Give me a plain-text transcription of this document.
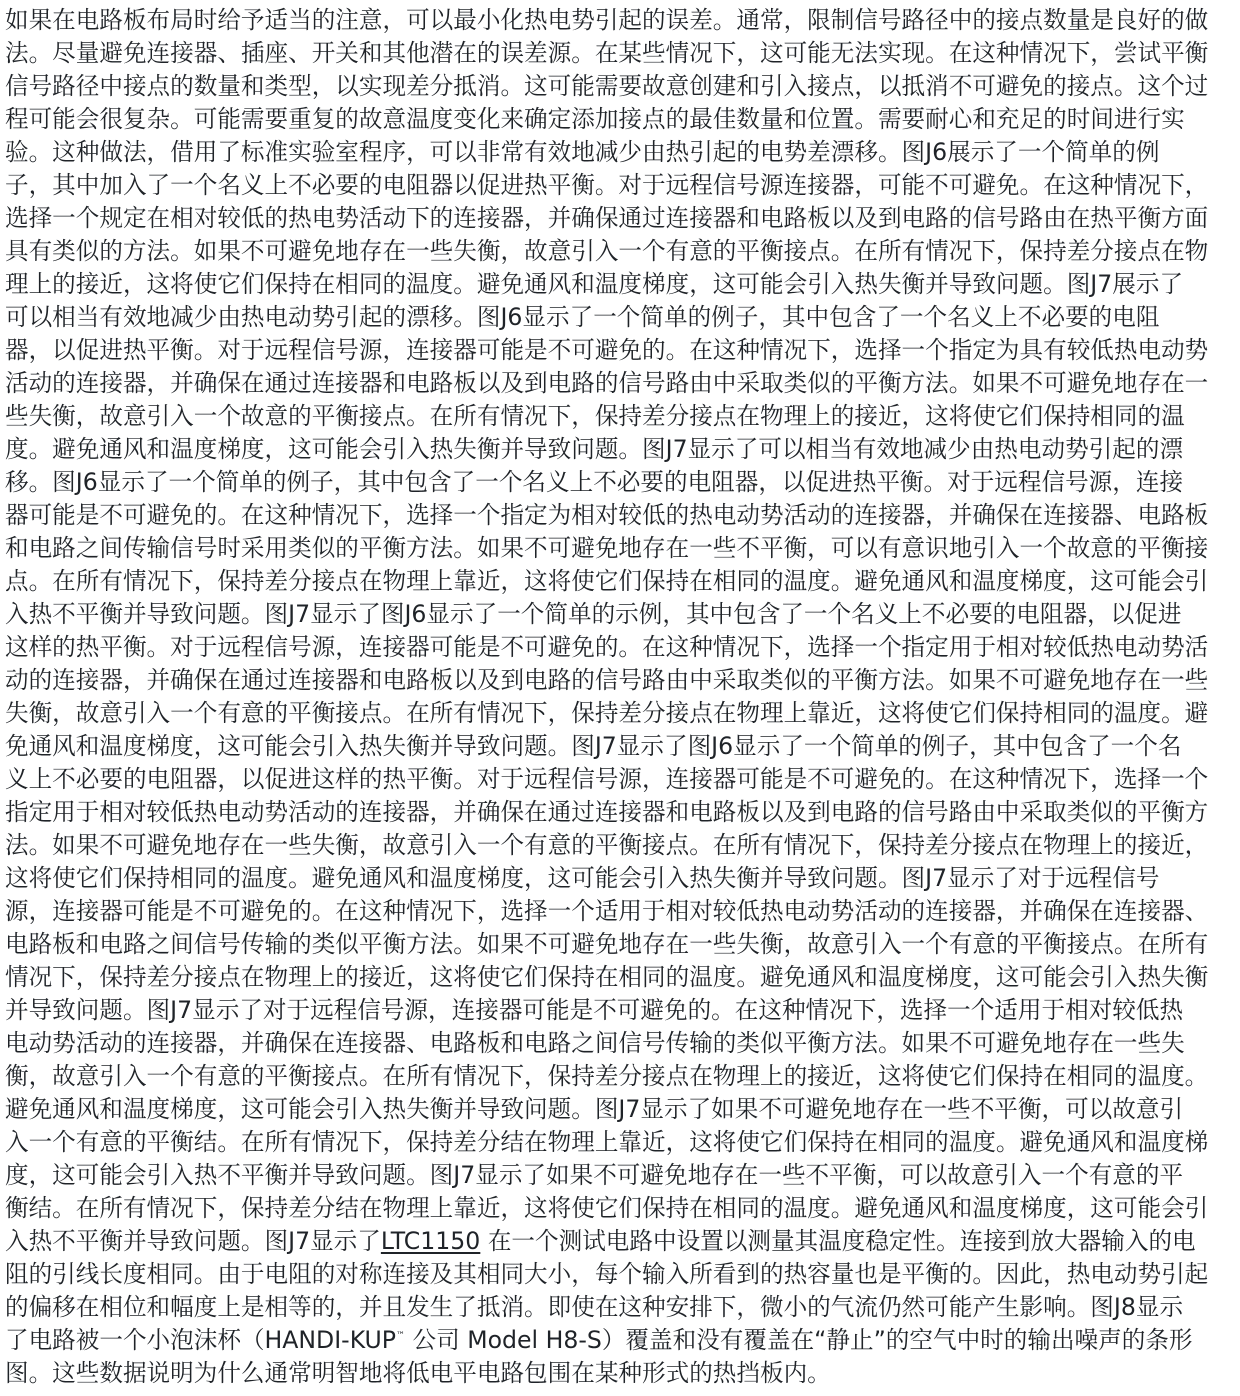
如果在电路板布局时给予适当的注意，可以最小化热电势引起的误差。通常，限制信号路径中的接点数量是良好的做
法。尽量避免连接器、插座、开关和其他潜在的误差源。在某些情况下，这可能无法实现。在这种情况下，尝试平衡
信号路径中接点的数量和类型，以实现差分抵消。这可能需要故意创建和引入接点，以抵消不可避免的接点。这个过
程可能会很复杂。可能需要重复的故意温度变化来确定添加接点的最佳数量和位置。需要耐心和充足的时间进行实
验。这种做法，借用了标准实验室程序，可以非常有效地减少由热引起的电势差漂移。图J6展示了一个简单的例
子，其中加入了一个名义上不必要的电阻器以促进热平衡。对于远程信号源连接器，可能不可避免。在这种情况下，
选择一个规定在相对较低的热电势活动下的连接器，并确保通过连接器和电路板以及到电路的信号路由在热平衡方面
具有类似的方法。如果不可避免地存在一些失衡，故意引入一个有意的平衡接点。在所有情况下，保持差分接点在物
理上的接近，这将使它们保持在相同的温度。避免通风和温度梯度，这可能会引入热失衡并导致问题。图J7展示了
可以相当有效地减少由热电动势引起的漂移。图J6显示了一个简单的例子，其中包含了一个名义上不必要的电阻
器，以促进热平衡。对于远程信号源，连接器可能是不可避免的。在这种情况下，选择一个指定为具有较低热电动势
活动的连接器，并确保在通过连接器和电路板以及到电路的信号路由中采取类似的平衡方法。如果不可避免地存在一
些失衡，故意引入一个故意的平衡接点。在所有情况下，保持差分接点在物理上的接近，这将使它们保持相同的温
度。避免通风和温度梯度，这可能会引入热失衡并导致问题。图J7显示了可以相当有效地减少由热电动势引起的漂
移。图J6显示了一个简单的例子，其中包含了一个名义上不必要的电阻器，以促进热平衡。对于远程信号源，连接
器可能是不可避免的。在这种情况下，选择一个指定为相对较低的热电动势活动的连接器，并确保在连接器、电路板
和电路之间传输信号时采用类似的平衡方法。如果不可避免地存在一些不平衡，可以有意识地引入一个故意的平衡接
点。在所有情况下，保持差分接点在物理上靠近，这将使它们保持在相同的温度。避免通风和温度梯度，这可能会引
入热不平衡并导致问题。图J7显示了图J6显示了一个简单的示例，其中包含了一个名义上不必要的电阻器，以促进
这样的热平衡。对于远程信号源，连接器可能是不可避免的。在这种情况下，选择一个指定用于相对较低热电动势活
动的连接器，并确保在通过连接器和电路板以及到电路的信号路由中采取类似的平衡方法。如果不可避免地存在一些
失衡，故意引入一个有意的平衡接点。在所有情况下，保持差分接点在物理上靠近，这将使它们保持相同的温度。避
免通风和温度梯度，这可能会引入热失衡并导致问题。图J7显示了图J6显示了一个简单的例子，其中包含了一个名
义上不必要的电阻器，以促进这样的热平衡。对于远程信号源，连接器可能是不可避免的。在这种情况下，选择一个
指定用于相对较低热电动势活动的连接器，并确保在通过连接器和电路板以及到电路的信号路由中采取类似的平衡方
法。如果不可避免地存在一些失衡，故意引入一个有意的平衡接点。在所有情况下，保持差分接点在物理上的接近，
这将使它们保持相同的温度。避免通风和温度梯度，这可能会引入热失衡并导致问题。图J7显示了对于远程信号
源，连接器可能是不可避免的。在这种情况下，选择一个适用于相对较低热电动势活动的连接器，并确保在连接器、
电路板和电路之间信号传输的类似平衡方法。如果不可避免地存在一些失衡，故意引入一个有意的平衡接点。在所有
情况下，保持差分接点在物理上的接近，这将使它们保持在相同的温度。避免通风和温度梯度，这可能会引入热失衡
并导致问题。图J7显示了对于远程信号源，连接器可能是不可避免的。在这种情况下，选择一个适用于相对较低热
电动势活动的连接器，并确保在连接器、电路板和电路之间信号传输的类似平衡方法。如果不可避免地存在一些失
衡，故意引入一个有意的平衡接点。在所有情况下，保持差分接点在物理上的接近，这将使它们保持在相同的温度。
避免通风和温度梯度，这可能会引入热失衡并导致问题。图J7显示了如果不可避免地存在一些不平衡，可以故意引
入一个有意的平衡结。在所有情况下，保持差分结在物理上靠近，这将使它们保持在相同的温度。避免通风和温度梯
度，这可能会引入热不平衡并导致问题。图J7显示了如果不可避免地存在一些不平衡，可以故意引入一个有意的平
衡结。在所有情况下，保持差分结在物理上靠近，这将使它们保持在相同的温度。避免通风和温度梯度，这可能会引
入热不平衡并导致问题。图J7显示了LTC1150 在一个测试电路中设置以测量其温度稳定性。连接到放大器输入的电
阻的引线长度相同。由于电阻的对称连接及其相同大小，每个输入所看到的热容量也是平衡的。因此，热电动势引起
的偏移在相位和幅度上是相等的，并且发生了抵消。即使在这种安排下，微小的气流仍然可能产生影响。图J8显示
了电路被一个小泡沫杯（HANDI-KUP™ 公司 Model H8-S）覆盖和没有覆盖在“静止”的空气中时的输出噪声的条形
图。这些数据说明为什么通常明智地将低电平电路包围在某种形式的热挡板内。
